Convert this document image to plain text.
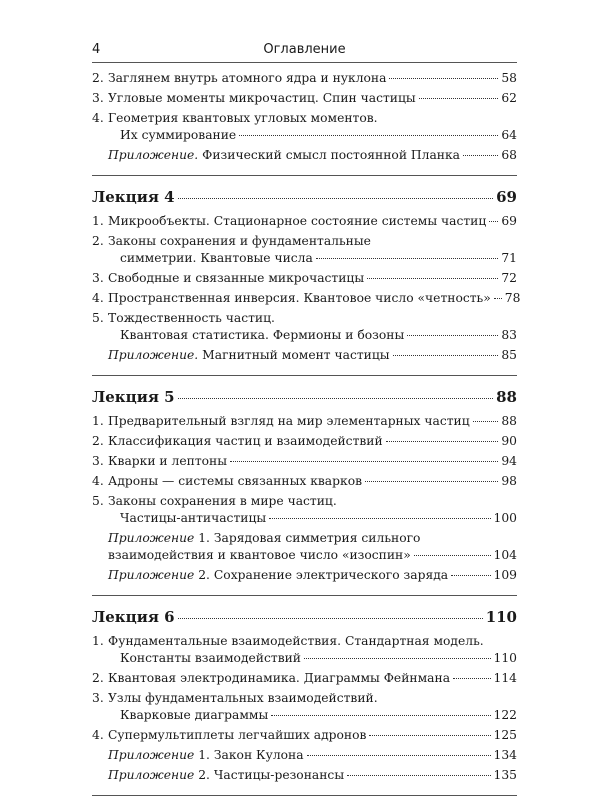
4	Оглавление
2. Заглянем внутрь атомного ядра и нуклона	58
3. Угловые моменты микрочастиц. Спин частицы	62
4. Геометрия квантовых угловых моментов.
Их суммирование	64
Приложение. Физический смысл постоянной Планка	68
Лекция 4	69
1. Микрообъекты. Стационарное состояние системы частиц 69
2. Законы сохранения и фундаментальные
симметрии. Квантовые числа	71
3. Свободные и связанные микрочастицы	72
4. Пространственная инверсия. Квантовое число «четность» 78
5. Тождественность частиц.
Квантовая статистика. Фермионы и бозоны	83
Приложение. Магнитный момент частицы	85
Лекция 5	88
1. Предварительный взгляд на мир элементарных частиц	88
2. Классификация частиц и взаимодействий	90
3. Кварки и лептоны	94
4. Адроны — системы связанных кварков	98
5. Законы сохранения в мире частиц.
Частицы-античастицы	100
Приложение 1. Зарядовая симметрия сильного
взаимодействия и квантовое число «изоспин»	104
Приложение 2. Сохранение электрического заряда	109
Лекция 6	110
1. Фундаментальные взаимодействия. Стандартная модель.
Константы взаимодействий	110
2. Квантовая электродинамика. Диаграммы Фейнмана	114
3. Узлы фундаментальных взаимодействий.
Кварковые диаграммы	122
4. Супермультиплеты легчайших адронов	125
Приложение 1. Закон Кулона	134
Приложение 2. Частицы-резонансы	135
